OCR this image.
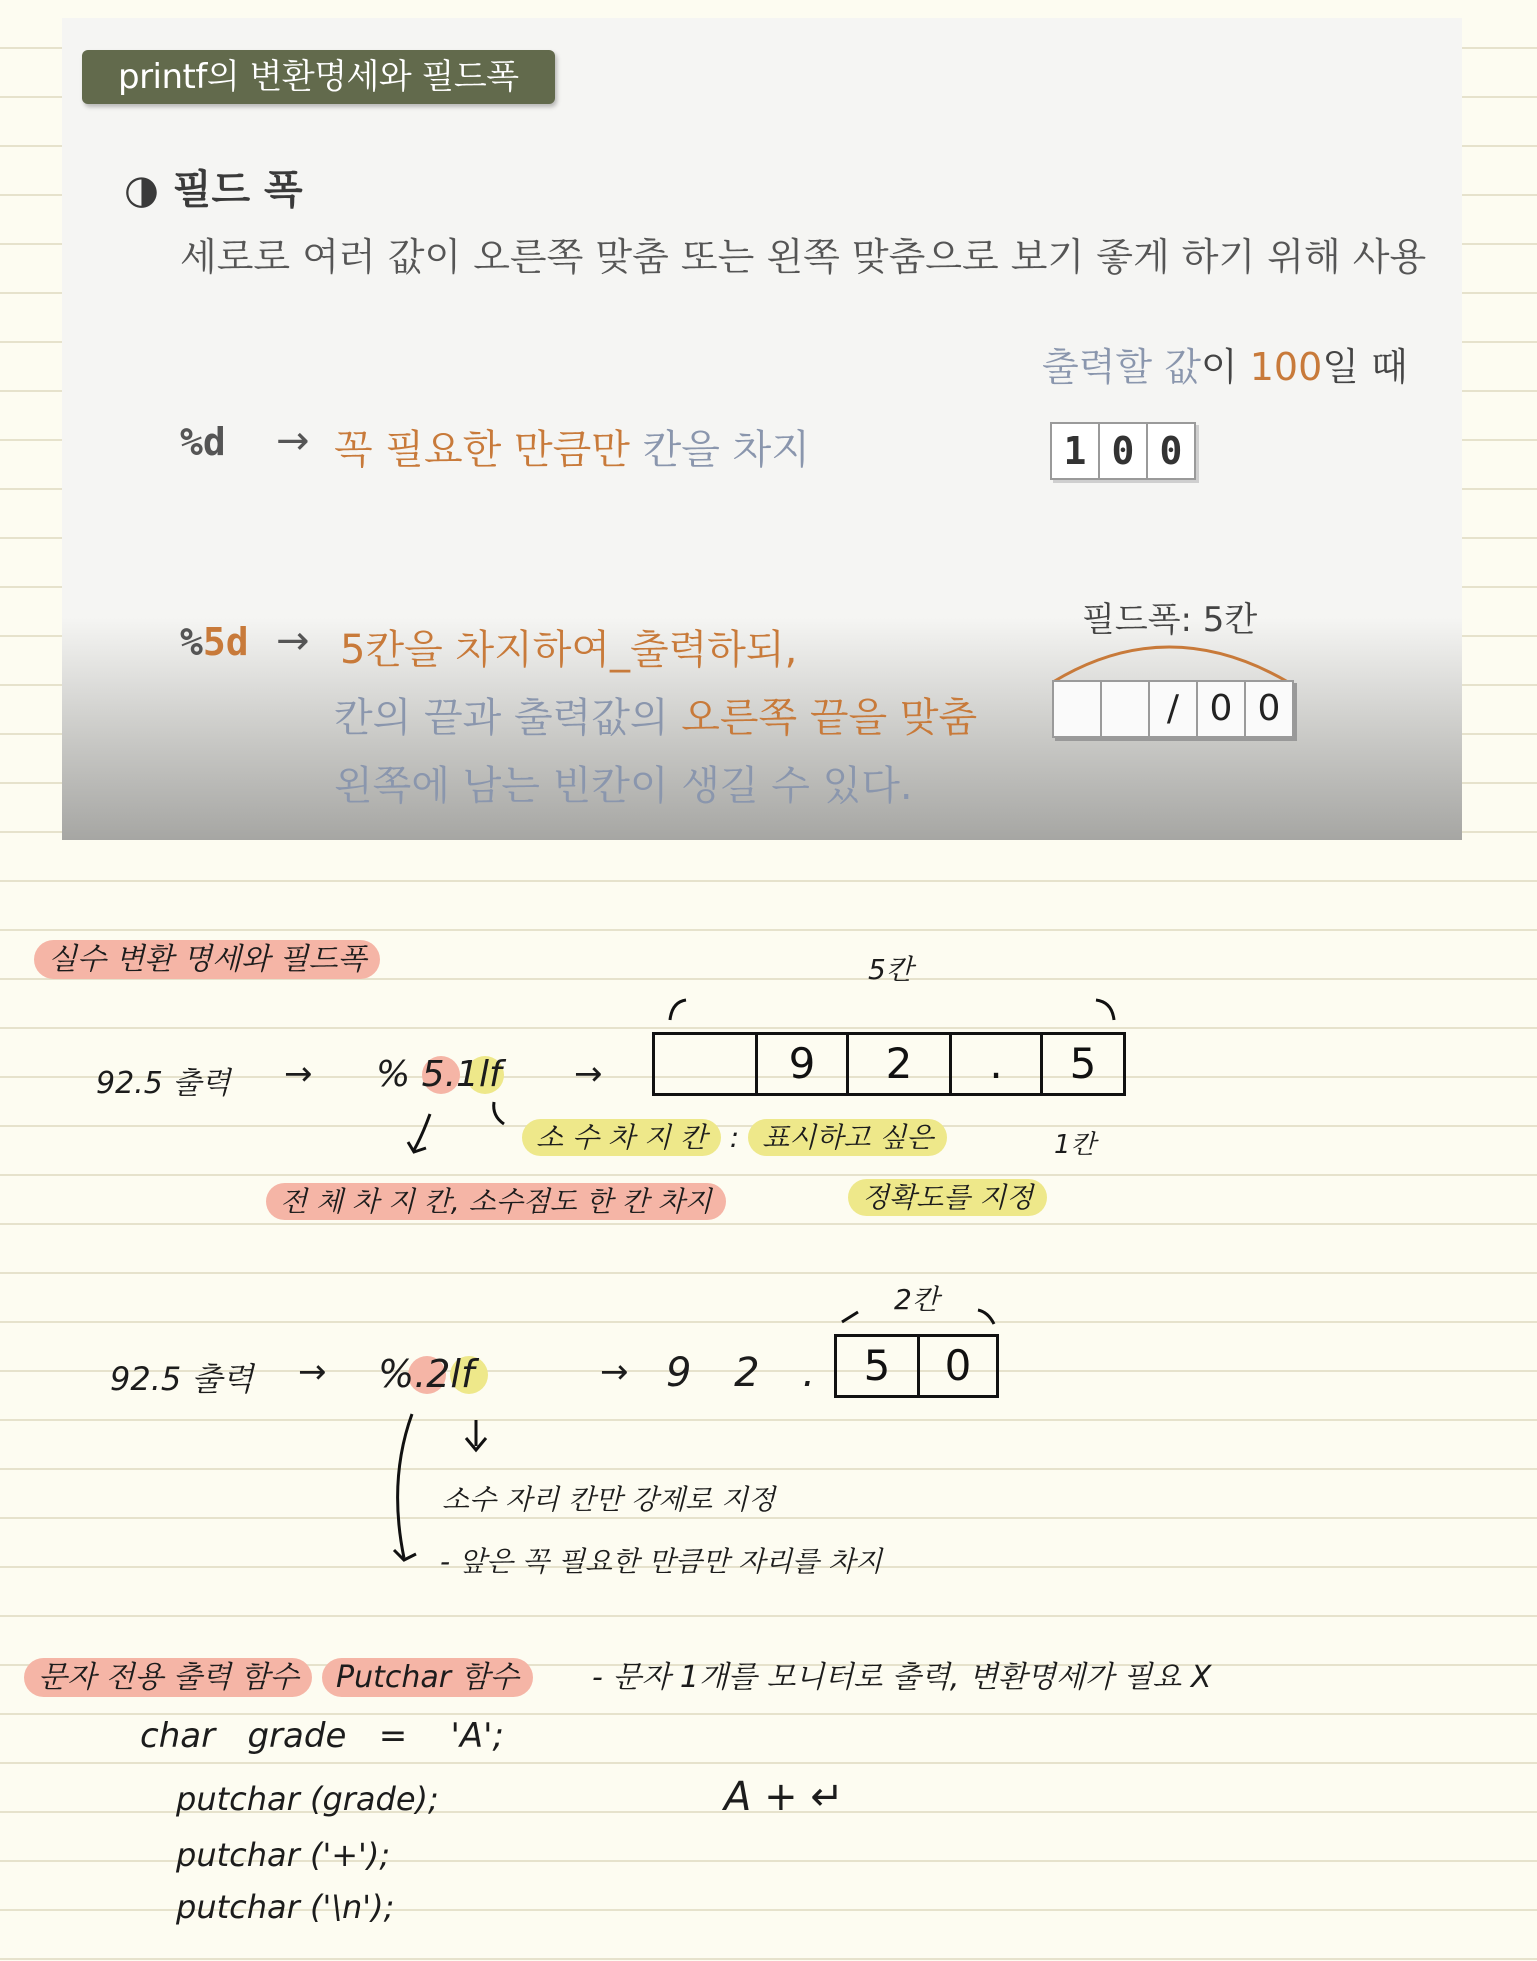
printf의 변환명세와 필드폭
◑ 필드 폭
세로로 여러 값이 오른쪽 맞춤 또는 왼쪽 맞춤으로 보기 좋게 하기 위해 사용
출력할 값이 100일 때
%d → 꼭 필요한 만큼만 칸을 차지	1 0 0
%5d → 5칸을 차지하여_출력하되,
칸의 끝과 출력값의 오른쪽 끝을 맞춤
왼쪽에 남는 빈칸이 생길 수 있다.
필드폭: 5칸
/ 0 0
실수 변환 명세와 필드폭
92.5 출력 → % 5.1lf →
5칸
9	2	.	5
1칸
소 수 차 지 칸 : 표시하고 싶은
전 체 차 지 칸, 소수점도 한 칸 차지	정확도를 지정
92.5 출력 → %.2lf	→ 9 2 .
2칸
5	0
소수 자리 칸만 강제로 지정
- 앞은 꼭 필요한 만큼만 자리를 차지
문자 전용 출력 함수 Putchar 함수	- 문자 1개를 모니터로 출력, 변환명세가 필요 X
char   grade   =    'A';
putchar (grade);
putchar ('+');
putchar ('\n');
A + ↵
